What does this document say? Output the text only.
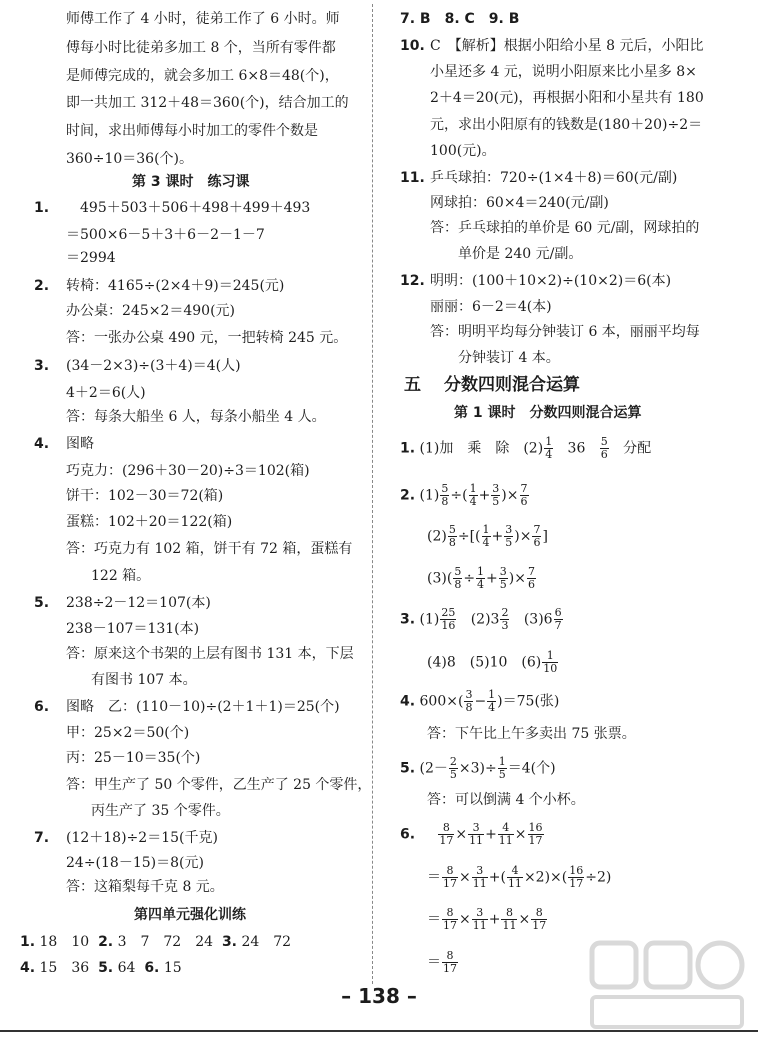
师傅工作了 4 小时，徒弟工作了 6 小时。师
傅每小时比徒弟多加工 8 个，当所有零件都
是师傅完成的，就会多加工 6×8＝48(个)，
即一共加工 312＋48＝360(个)，结合加工的
时间，求出师傅每小时加工的零件个数是
360÷10＝36(个)。
第 3 课时　练习课
1. 495＋503＋506＋498＋499＋493
＝500×6－5＋3＋6－2－1－7
＝2994
2. 转椅：4165÷(2×4＋9)＝245(元)
办公桌：245×2＝490(元)
答：一张办公桌 490 元，一把转椅 245 元。
3. (34－2×3)÷(3＋4)＝4(人)
4＋2＝6(人)
答：每条大船坐 6 人，每条小船坐 4 人。
4. 图略
巧克力：(296＋30－20)÷3＝102(箱)
饼干：102－30＝72(箱)
蛋糕：102＋20＝122(箱)
答：巧克力有 102 箱，饼干有 72 箱，蛋糕有
122 箱。
5. 238÷2－12＝107(本)
238－107＝131(本)
答：原来这个书架的上层有图书 131 本，下层
有图书 107 本。
6. 图略　乙：(110－10)÷(2＋1＋1)＝25(个)
甲：25×2＝50(个)
丙：25－10＝35(个)
答：甲生产了 50 个零件，乙生产了 25 个零件，
丙生产了 35 个零件。
7. (12＋18)÷2＝15(千克)
24÷(18－15)＝8(元)
答：这箱梨每千克 8 元。
第四单元强化训练
1. 18　10 2. 3　7　72　24 3. 24　72
4. 15　36 5. 64 6. 15
7. B　8. C　9. B
10. C　【解析】根据小阳给小星 8 元后，小阳比
小星还多 4 元，说明小阳原来比小星多 8×
2＋4＝20(元)，再根据小阳和小星共有 180
元，求出小阳原有的钱数是(180＋20)÷2＝
100(元)。
11. 乒乓球拍：720÷(1×4＋8)＝60(元/副)
网球拍：60×4＝240(元/副)
答：乒乓球拍的单价是 60 元/副，网球拍的
单价是 240 元/副。
12. 明明：(100＋10×2)÷(10×2)＝6(本)
丽丽：6－2＝4(本)
答：明明平均每分钟装订 6 本，丽丽平均每
分钟装订 4 本。
五 分数四则混合运算
第 1 课时　分数四则混合运算
1. (1)加　乘　除　$(2) \frac{1}{4} 36 \frac{5}{6}$ 分配
2. $(1) \frac{5}{8}$ ÷( $\frac{1}{4} + \frac{3}{5}$ )× $\frac{7}{6}$
$(2) \frac{5}{8}$ ÷[( $\frac{1}{4} + \frac{3}{5}$ )× $\frac{7}{6}$ ]
$(3)( \frac{5}{8} \div \frac{1}{4} + \frac{3}{5}$ )× $\frac{7}{6}$
3. $(1) \frac{25}{16} (2)3 \frac{2}{3} (3)6 \frac{6}{7}$
(4)8　(5)10　$(6) \frac{1}{10}$
4. $600\times( \frac{3}{8} - \frac{1}{4} )=75$(张)
答：下午比上午多卖出 75 张票。
5. $(2- \frac{2}{5} \times 3)\div \frac{1}{5} =4$(个)
答：可以倒满 4 个小杯。
6. $\frac{8}{17} \times \frac{3}{11} + \frac{4}{11} \times \frac{16}{17}$
＝ $\frac{8}{17} \times \frac{3}{11}$ +( $\frac{4}{11} \times 2)\times( \frac{16}{17} \div 2)$
＝ $\frac{8}{17} \times \frac{3}{11} + \frac{8}{11} \times \frac{8}{17}$
＝ $\frac{8}{17}$
– 138 –
